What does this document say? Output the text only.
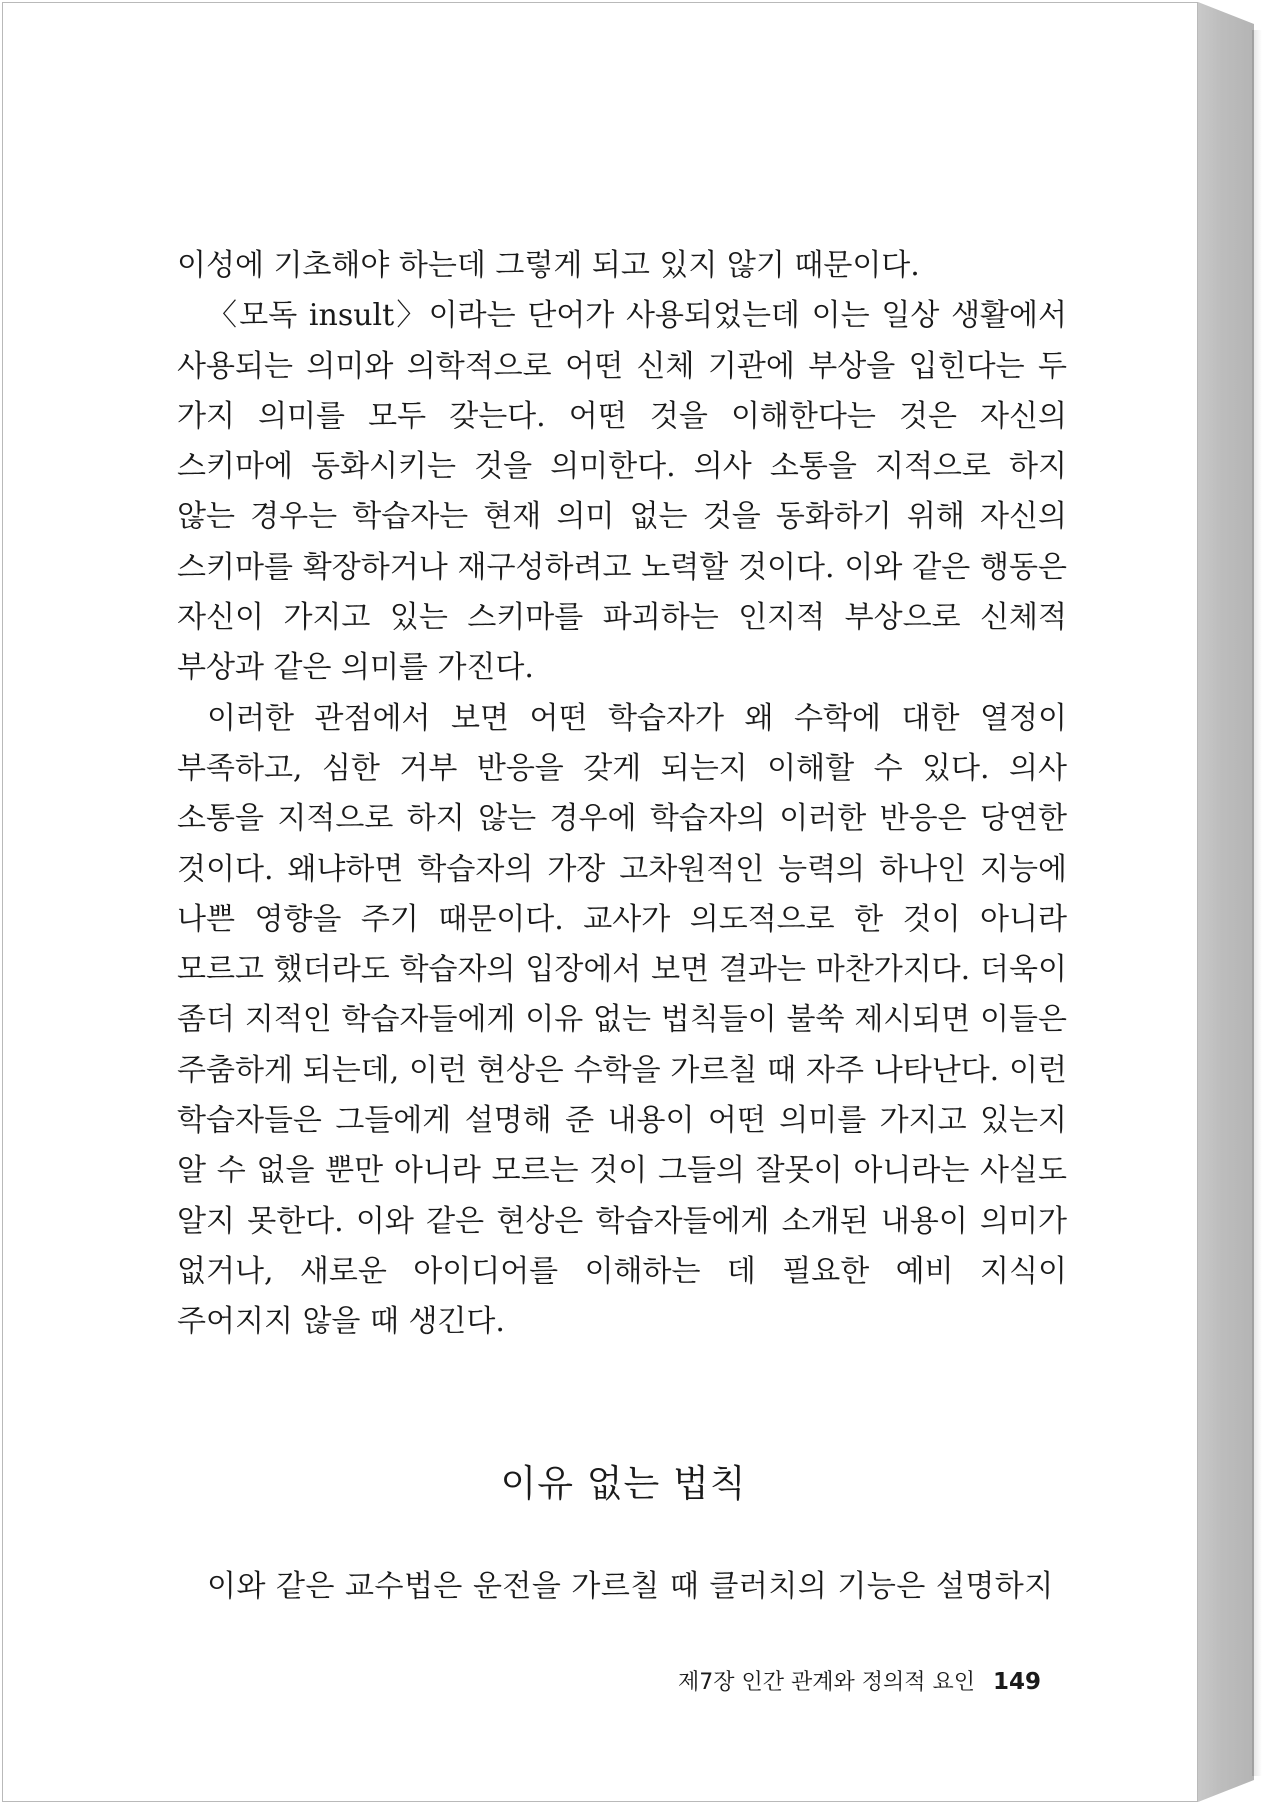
이성에 기초해야 하는데 그렇게 되고 있지 않기 때문이다.

〈모독 insult〉이라는 단어가 사용되었는데 이는 일상 생활에서 사용되는 의미와 의학적으로 어떤 신체 기관에 부상을 입힌다는 두 가지 의미를 모두 갖는다. 어떤 것을 이해한다는 것은 자신의 스키마에 동화시키는 것을 의미한다. 의사 소통을 지적으로 하지 않는 경우는 학습자는 현재 의미 없는 것을 동화하기 위해 자신의 스키마를 확장하거나 재구성하려고 노력할 것이다. 이와 같은 행동은 자신이 가지고 있는 스키마를 파괴하는 인지적 부상으로 신체적 부상과 같은 의미를 가진다.

이러한 관점에서 보면 어떤 학습자가 왜 수학에 대한 열정이 부족하고, 심한 거부 반응을 갖게 되는지 이해할 수 있다. 의사 소통을 지적으로 하지 않는 경우에 학습자의 이러한 반응은 당연한 것이다. 왜냐하면 학습자의 가장 고차원적인 능력의 하나인 지능에 나쁜 영향을 주기 때문이다. 교사가 의도적으로 한 것이 아니라 모르고 했더라도 학습자의 입장에서 보면 결과는 마찬가지다. 더욱이 좀더 지적인 학습자들에게 이유 없는 법칙들이 불쑥 제시되면 이들은 주춤하게 되는데, 이런 현상은 수학을 가르칠 때 자주 나타난다. 이런 학습자들은 그들에게 설명해 준 내용이 어떤 의미를 가지고 있는지 알 수 없을 뿐만 아니라 모르는 것이 그들의 잘못이 아니라는 사실도 알지 못한다. 이와 같은 현상은 학습자들에게 소개된 내용이 의미가 없거나, 새로운 아이디어를 이해하는 데 필요한 예비 지식이 주어지지 않을 때 생긴다.

이유 없는 법칙
이와 같은 교수법은 운전을 가르칠 때 클러치의 기능은 설명하지
제7장 인간 관계와 정의적 요인 149
